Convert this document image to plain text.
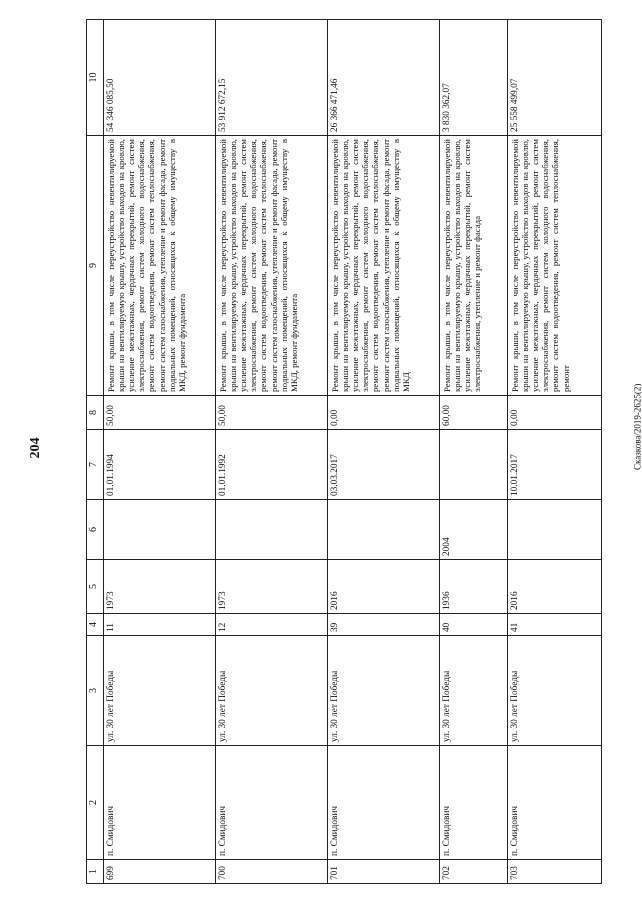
204	Сказкова/2019-2625(2)
1	2	3	4	5	6	7	8	9	10
699	п. Смидович	ул. 30 лет Победы	11	1973		01.01.1994	50,00	Ремонт крыши, в том числе переустройство невентилируемой крыши на вентилируемую крышу, устройство выходов на кровлю, усиление межэтажных, чердачных перекрытий, ремонт систем электроснабжения, ремонт систем холодного водоснабжения, ремонт систем водоотведения, ремонт систем теплоснабжения, ремонт систем газоснабжения, утепление и ремонт фасада, ремонт подвальных помещений, относящихся к общему имуществу в МКД, ремонт фундамента	54 346 085,50
700	п. Смидович	ул. 30 лет Победы	12	1973		01.01.1992	50,00	Ремонт крыши, в том числе переустройство невентилируемой крыши на вентилируемую крышу, устройство выходов на кровлю, усиление межэтажных, чердачных перекрытий, ремонт систем электроснабжения, ремонт систем холодного водоснабжения, ремонт систем водоотведения, ремонт систем теплоснабжения, ремонт систем газоснабжения, утепление и ремонт фасада, ремонт подвальных помещений, относящихся к общему имуществу в МКД, ремонт фундамента	53 912 672,15
701	п. Смидович	ул. 30 лет Победы	39	2016		03.03.2017	0,00	Ремонт крыши, в том числе переустройство невентилируемой крыши на вентилируемую крышу, устройство выходов на кровлю, усиление межэтажных, чердачных перекрытий, ремонт систем электроснабжения, ремонт систем холодного водоснабжения, ремонт систем водоотведения, ремонт систем теплоснабжения, ремонт систем газоснабжения, утепление и ремонт фасада, ремонт подвальных помещений, относящихся к общему имуществу в МКД	26 366 471,46
702	п. Смидович	ул. 30 лет Победы	40	1936	2004		60,00	Ремонт крыши, в том числе переустройство невентилируемой крыши на вентилируемую крышу, устройство выходов на кровлю, усиление межэтажных, чердачных перекрытий, ремонт систем электроснабжения, утепление и ремонт фасада	3 830 362,07
703	п. Смидович	ул. 30 лет Победы	41	2016		10.01.2017	0,00	Ремонт крыши, в том числе переустройство невентилируемой крыши на вентилируемую крышу, устройство выходов на кровлю, усиление межэтажных, чердачных перекрытий, ремонт систем электроснабжения, ремонт систем холодного водоснабжения, ремонт систем водоотведения, ремонт систем теплоснабжения, ремонт	25 558 499,07
